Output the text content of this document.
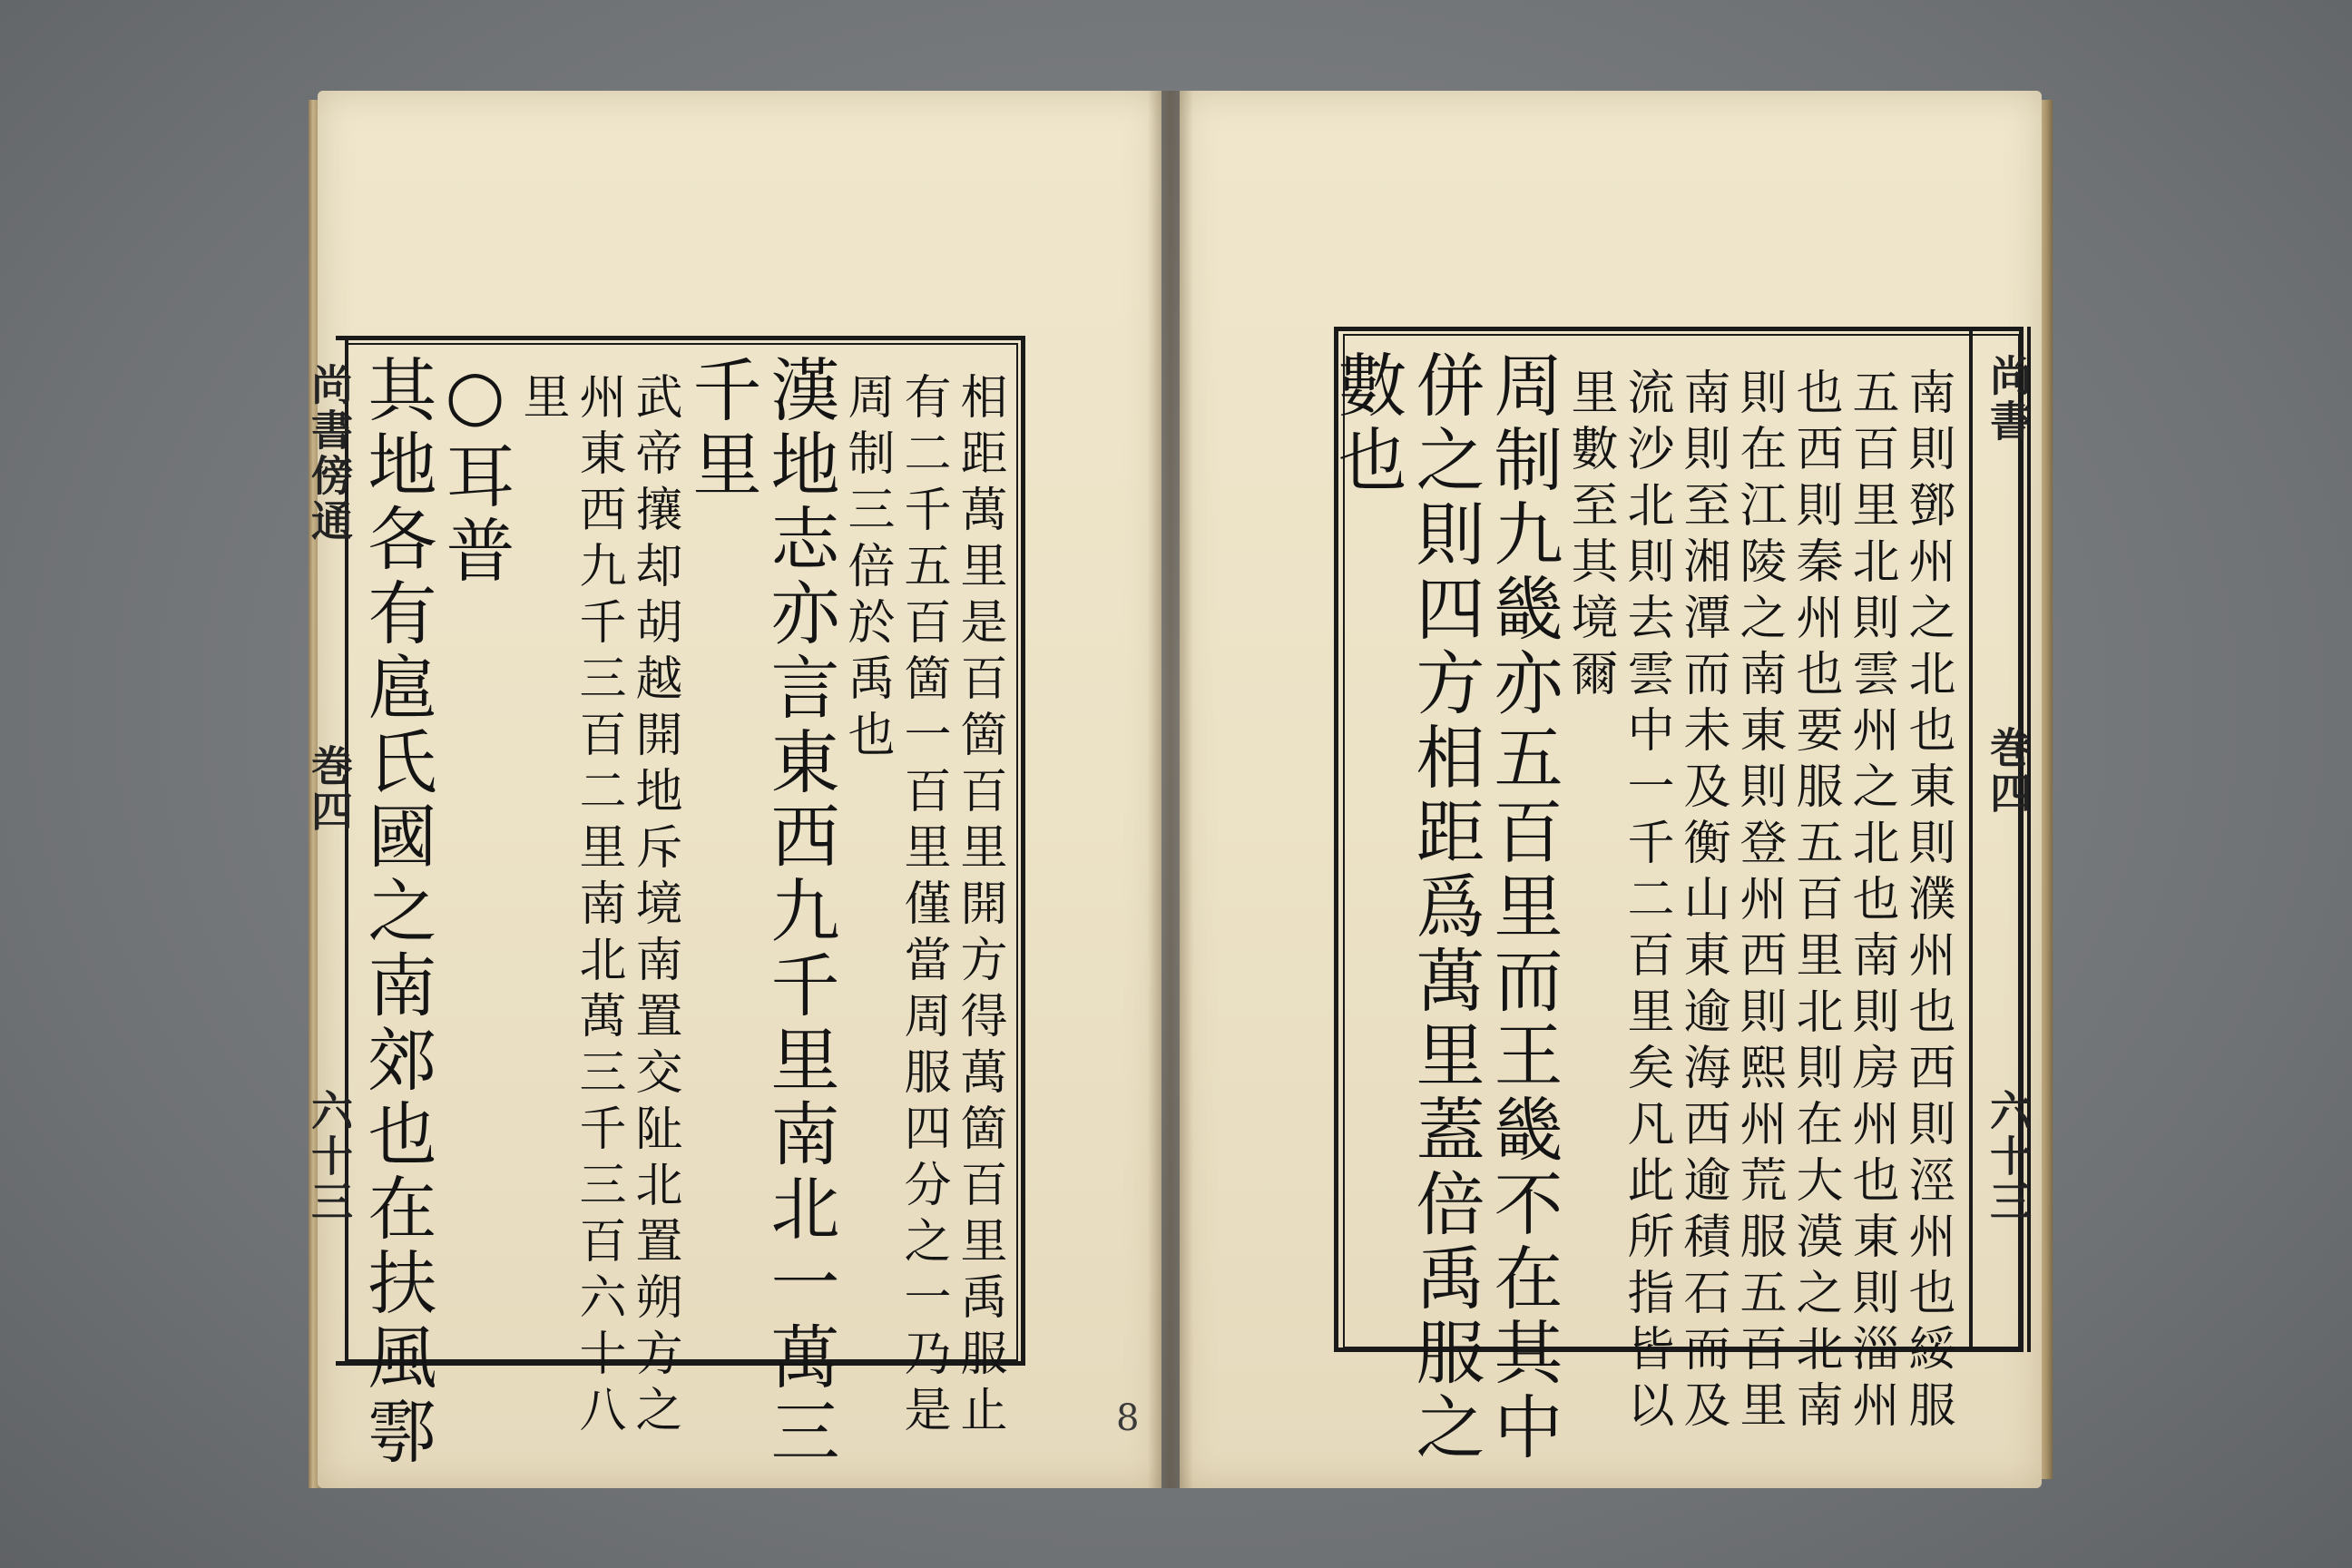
尚書傍通
巻四
六十三	相距萬里是百箇百里開方得萬箇百里禹服止
有二千五百箇一百里僅當周服四分之一乃是
周制三倍於禹也
漢地志亦言東西九千里南北一萬三
千里
武帝攘却胡越開地斥境南置交阯北置朔方之
州東西九千三百二里南北萬三千三百六十八
里
○耳普
其地各有扈氏國之南郊也在扶風鄠	8
尚書
巻四
六十三
南則鄧州之北也東則濮州也西則涇州也綏服
五百里北則雲州之北也南則房州也東則淄州
也西則秦州也要服五百里北則在大漠之北南
則在江陵之南東則登州西則熙州荒服五百里
南則至湘潭而未及衡山東逾海西逾積石而及
流沙北則去雲中一千二百里矣凡此所指皆以
里數至其境爾
周制九畿亦五百里而王畿不在其中
併之則四方相距爲萬里蓋倍禹服之
數也
